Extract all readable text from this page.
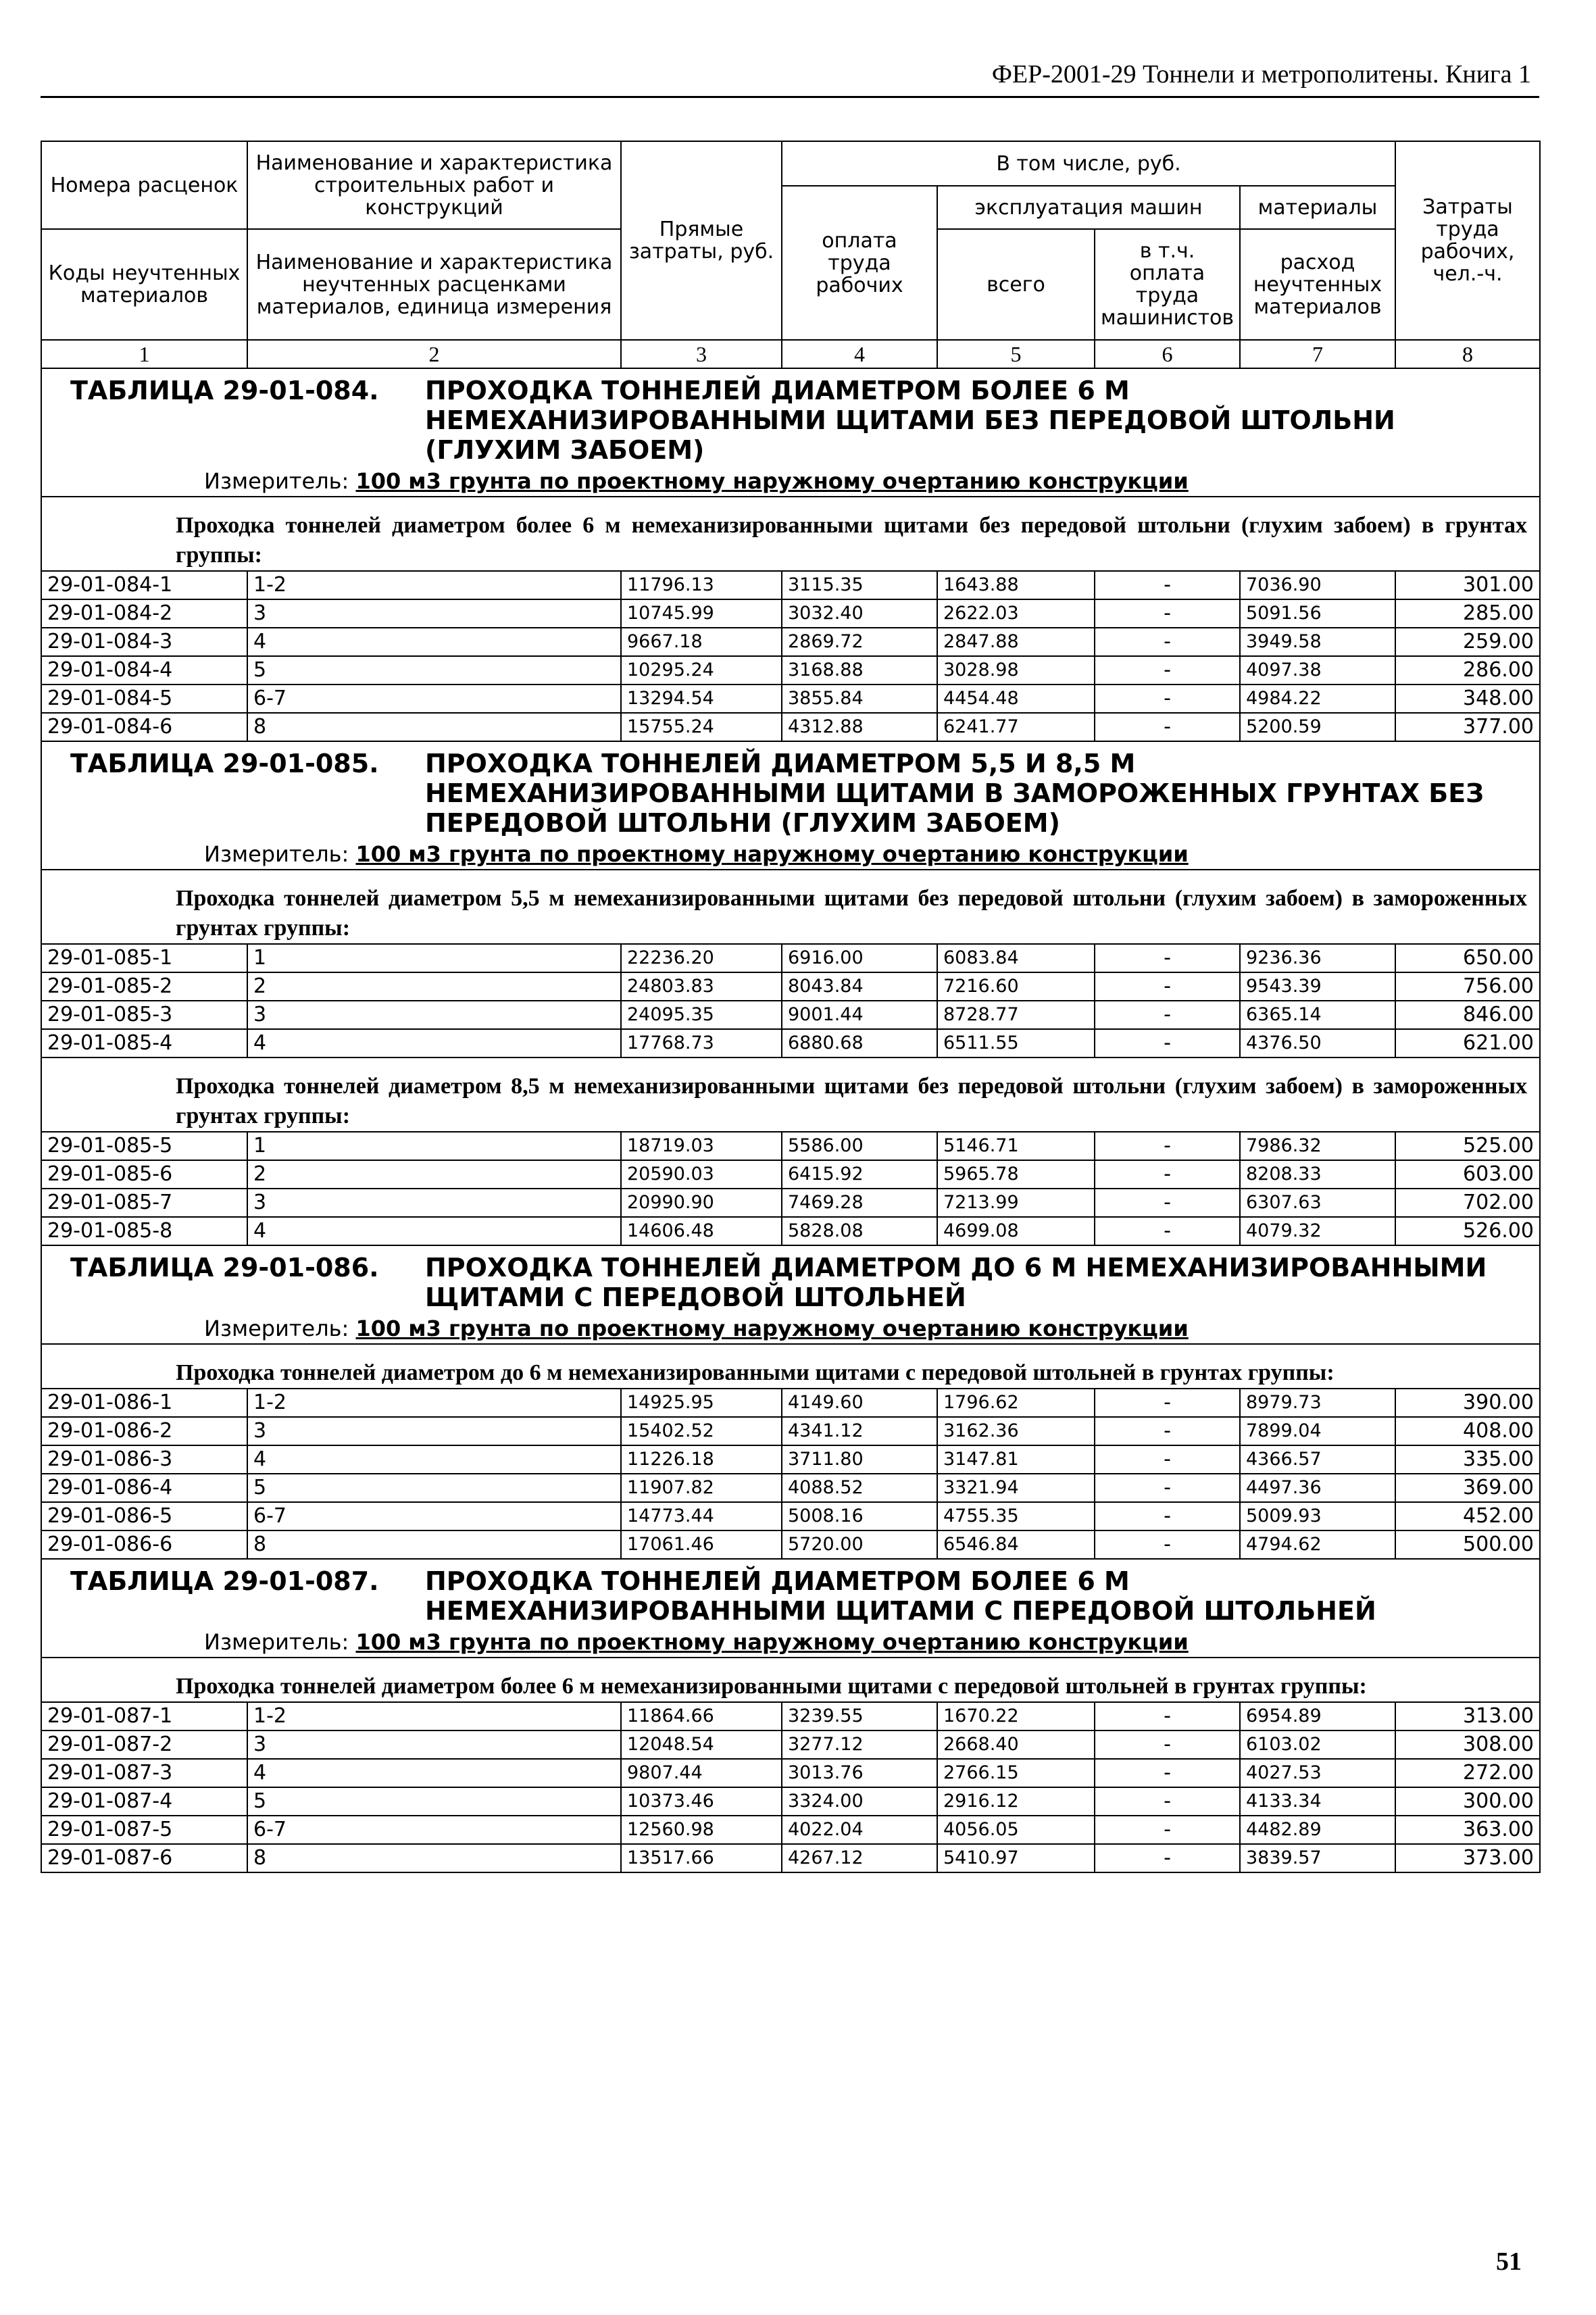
ФЕР-2001-29 Тоннели и метрополитены. Книга 1
Номера расценок	Наименование и характеристика строительных работ и конструкций	Прямые затраты, руб.	В том числе, руб.				Затраты труда рабочих, чел.-ч.
			оплата труда рабочих	эксплуатация машин		материалы	
Коды неучтенных материалов	Наименование и характеристика неучтенных расценками материалов, единица измерения			всего	в т.ч. оплата труда машинистов	расход неучтенных материалов	

1	2	3	4	5	6	7	8
ТАБЛИЦА 29-01-084. ПРОХОДКА ТОННЕЛЕЙ ДИАМЕТРОМ БОЛЕЕ 6 М НЕМЕХАНИЗИРОВАННЫМИ ЩИТАМИ БЕЗ ПЕРЕДОВОЙ ШТОЛЬНИ (ГЛУХИМ ЗАБОЕМ)							
Измеритель: 100 м3 грунта по проектному наружному очертанию конструкции							
Проходка тоннелей диаметром более 6 м немеханизированными щитами без передовой штольни (глухим забоем) в грунтах группы:							
29-01-084-1	1-2	11796.13	3115.35	1643.88	-	7036.90	301.00
29-01-084-2	3	10745.99	3032.40	2622.03	-	5091.56	285.00
29-01-084-3	4	9667.18	2869.72	2847.88	-	3949.58	259.00
29-01-084-4	5	10295.24	3168.88	3028.98	-	4097.38	286.00
29-01-084-5	6-7	13294.54	3855.84	4454.48	-	4984.22	348.00
29-01-084-6	8	15755.24	4312.88	6241.77	-	5200.59	377.00
ТАБЛИЦА 29-01-085. ПРОХОДКА ТОННЕЛЕЙ ДИАМЕТРОМ 5,5 И 8,5 М НЕМЕХАНИЗИРОВАННЫМИ ЩИТАМИ В ЗАМОРОЖЕННЫХ ГРУНТАХ БЕЗ ПЕРЕДОВОЙ ШТОЛЬНИ (ГЛУХИМ ЗАБОЕМ)							
Измеритель: 100 м3 грунта по проектному наружному очертанию конструкции							
Проходка тоннелей диаметром 5,5 м немеханизированными щитами без передовой штольни (глухим забоем) в замороженных грунтах группы:							
29-01-085-1	1	22236.20	6916.00	6083.84	-	9236.36	650.00
29-01-085-2	2	24803.83	8043.84	7216.60	-	9543.39	756.00
29-01-085-3	3	24095.35	9001.44	8728.77	-	6365.14	846.00
29-01-085-4	4	17768.73	6880.68	6511.55	-	4376.50	621.00
Проходка тоннелей диаметром 8,5 м немеханизированными щитами без передовой штольни (глухим забоем) в замороженных грунтах группы:							
29-01-085-5	1	18719.03	5586.00	5146.71	-	7986.32	525.00
29-01-085-6	2	20590.03	6415.92	5965.78	-	8208.33	603.00
29-01-085-7	3	20990.90	7469.28	7213.99	-	6307.63	702.00
29-01-085-8	4	14606.48	5828.08	4699.08	-	4079.32	526.00
ТАБЛИЦА 29-01-086. ПРОХОДКА ТОННЕЛЕЙ ДИАМЕТРОМ ДО 6 М НЕМЕХАНИЗИРОВАННЫМИ ЩИТАМИ С ПЕРЕДОВОЙ ШТОЛЬНЕЙ							
Измеритель: 100 м3 грунта по проектному наружному очертанию конструкции							
Проходка тоннелей диаметром до 6 м немеханизированными щитами с передовой штольней в грунтах группы:							
29-01-086-1	1-2	14925.95	4149.60	1796.62	-	8979.73	390.00
29-01-086-2	3	15402.52	4341.12	3162.36	-	7899.04	408.00
29-01-086-3	4	11226.18	3711.80	3147.81	-	4366.57	335.00
29-01-086-4	5	11907.82	4088.52	3321.94	-	4497.36	369.00
29-01-086-5	6-7	14773.44	5008.16	4755.35	-	5009.93	452.00
29-01-086-6	8	17061.46	5720.00	6546.84	-	4794.62	500.00
ТАБЛИЦА 29-01-087. ПРОХОДКА ТОННЕЛЕЙ ДИАМЕТРОМ БОЛЕЕ 6 М НЕМЕХАНИЗИРОВАННЫМИ ЩИТАМИ С ПЕРЕДОВОЙ ШТОЛЬНЕЙ							
Измеритель: 100 м3 грунта по проектному наружному очертанию конструкции							
Проходка тоннелей диаметром более 6 м немеханизированными щитами с передовой штольней в грунтах группы:							
29-01-087-1	1-2	11864.66	3239.55	1670.22	-	6954.89	313.00
29-01-087-2	3	12048.54	3277.12	2668.40	-	6103.02	308.00
29-01-087-3	4	9807.44	3013.76	2766.15	-	4027.53	272.00
29-01-087-4	5	10373.46	3324.00	2916.12	-	4133.34	300.00
29-01-087-5	6-7	12560.98	4022.04	4056.05	-	4482.89	363.00
29-01-087-6	8	13517.66	4267.12	5410.97	-	3839.57	373.00
51
